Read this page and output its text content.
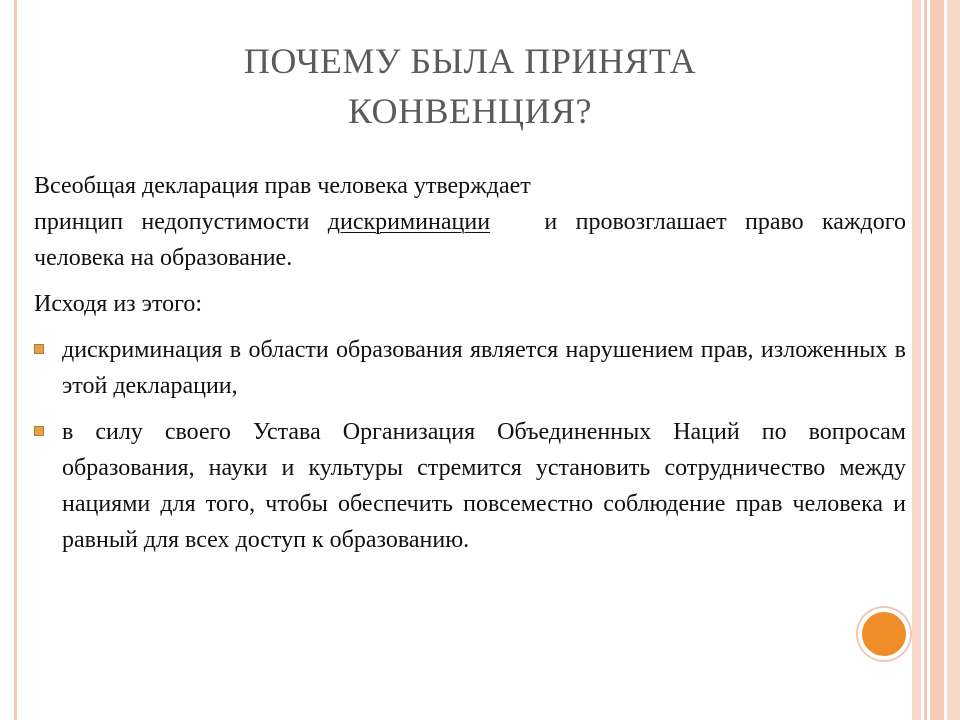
ПОЧЕМУ БЫЛА ПРИНЯТА
КОНВЕНЦИЯ?
Всеобщая декларация прав человека утверждает
принцип недопустимости дискриминации и провозглашает право каждого человека на образование.
Исходя из этого:
дискриминация в области образования является нарушением прав, изложенных в этой декларации,
в силу своего Устава Организация Объединенных Наций по вопросам образования, науки и культуры стремится установить сотрудничество между нациями для того, чтобы обеспечить повсеместно соблюдение прав человека и равный для всех доступ к образованию.
